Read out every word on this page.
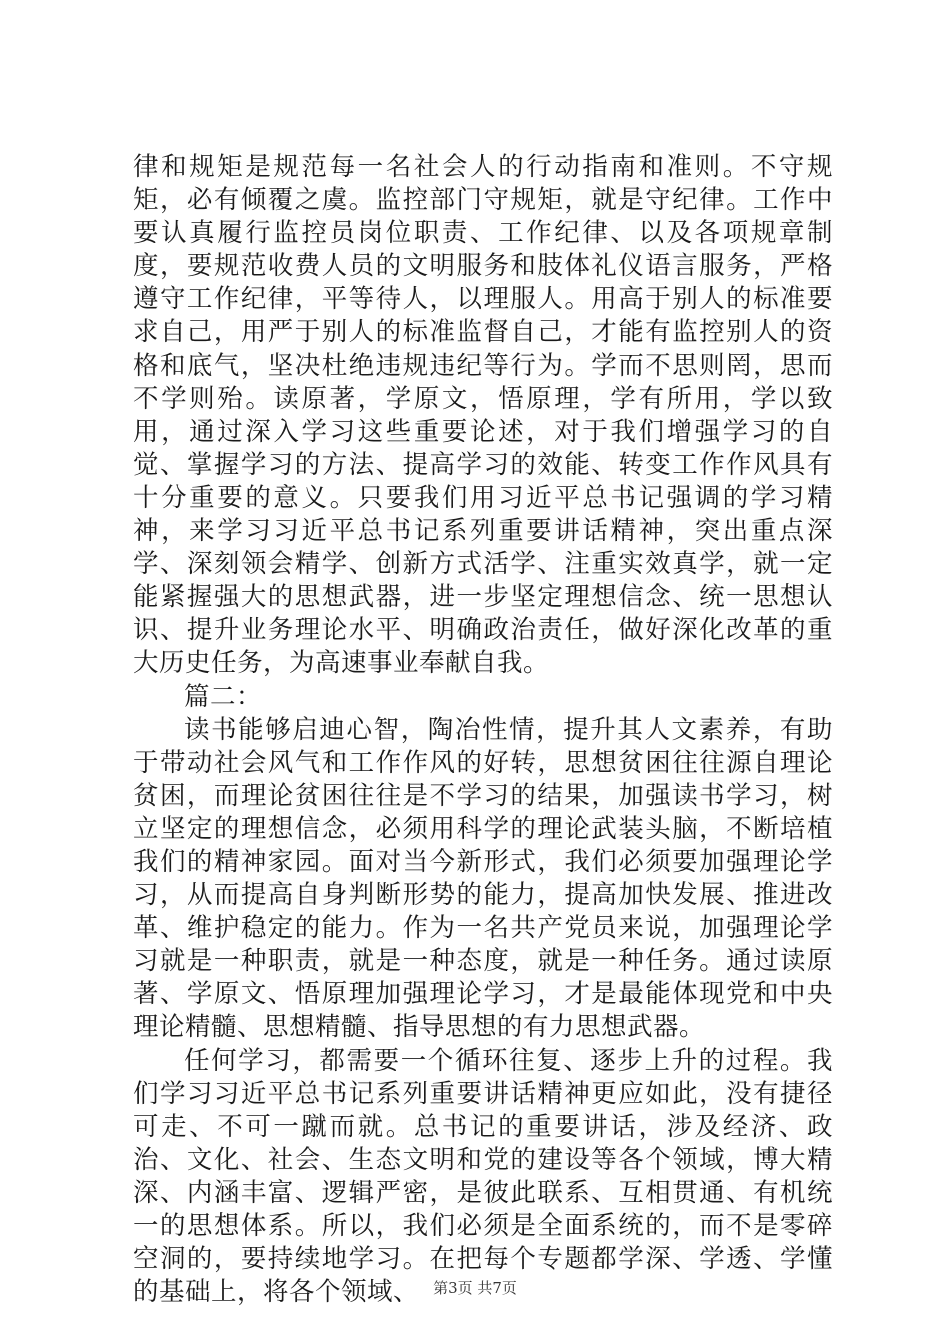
律和规矩是规范每一名社会人的行动指南和准则。不守规矩，必有倾覆之虞。监控部门守规矩，就是守纪律。工作中要认真履行监控员岗位职责、工作纪律、以及各项规章制度，要规范收费人员的文明服务和肢体礼仪语言服务，严格遵守工作纪律，平等待人，以理服人。用高于别人的标准要求自己，用严于别人的标准监督自己，才能有监控别人的资格和底气，坚决杜绝违规违纪等行为。学而不思则罔，思而不学则殆。读原著，学原文，悟原理，学有所用，学以致用，通过深入学习这些重要论述，对于我们增强学习的自觉、掌握学习的方法、提高学习的效能、转变工作作风具有十分重要的意义。只要我们用习近平总书记强调的学习精神，来学习习近平总书记系列重要讲话精神，突出重点深学、深刻领会精学、创新方式活学、注重实效真学，就一定能紧握强大的思想武器，进一步坚定理想信念、统一思想认识、提升业务理论水平、明确政治责任，做好深化改革的重大历史任务，为高速事业奉献自我。

篇二：

读书能够启迪心智，陶冶性情，提升其人文素养，有助于带动社会风气和工作作风的好转，思想贫困往往源自理论贫困，而理论贫困往往是不学习的结果，加强读书学习，树立坚定的理想信念，必须用科学的理论武装头脑，不断培植我们的精神家园。面对当今新形式，我们必须要加强理论学习，从而提高自身判断形势的能力，提高加快发展、推进改革、维护稳定的能力。作为一名共产党员来说，加强理论学习就是一种职责，就是一种态度，就是一种任务。通过读原著、学原文、悟原理加强理论学习，才是最能体现党和中央理论精髓、思想精髓、指导思想的有力思想武器。

任何学习，都需要一个循环往复、逐步上升的过程。我们学习习近平总书记系列重要讲话精神更应如此，没有捷径可走、不可一蹴而就。总书记的重要讲话，涉及经济、政治、文化、社会、生态文明和党的建设等各个领域，博大精深、内涵丰富、逻辑严密，是彼此联系、互相贯通、有机统一的思想体系。所以，我们必须是全面系统的，而不是零碎空洞的，要持续地学习。在把每个专题都学深、学透、学懂的基础上，将各个领域、 第3页 共7页
